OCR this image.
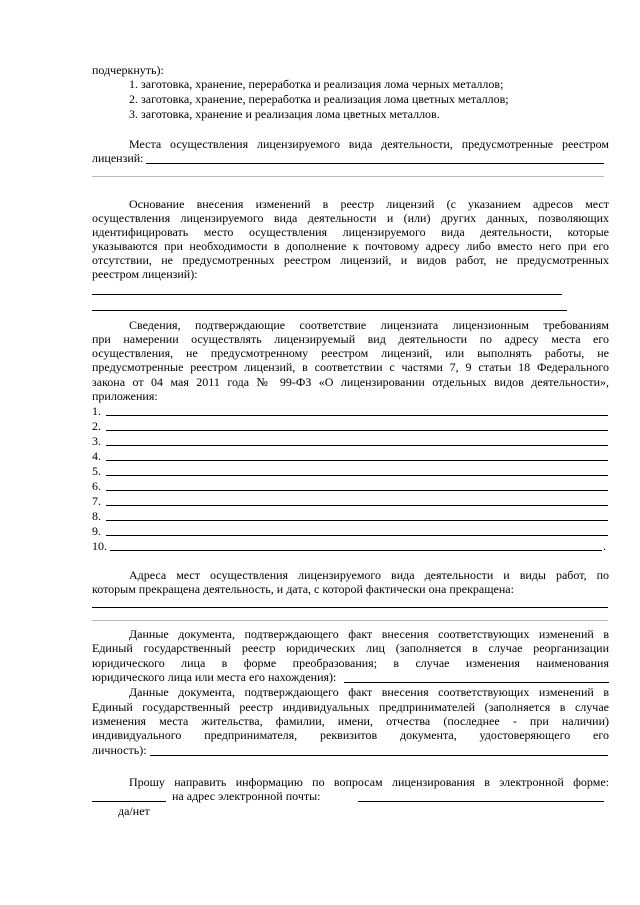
подчеркнуть):
1. заготовка, хранение, переработка и реализация лома черных металлов;
2. заготовка, хранение, переработка и реализация лома цветных металлов;
3. заготовка, хранение и реализация лома цветных металлов.
Места осуществления лицензируемого вида деятельности, предусмотренные реестром
лицензий:
Основание внесения изменений в реестр лицензий (с указанием адресов мест
осуществления лицензируемого вида деятельности и (или) других данных, позволяющих
идентифицировать место осуществления лицензируемого вида деятельности, которые
указываются при необходимости в дополнение к почтовому адресу либо вместо него при его
отсутствии, не предусмотренных реестром лицензий, и видов работ, не предусмотренных
реестром лицензий):
Сведения, подтверждающие соответствие лицензиата лицензионным требованиям
при намерении осуществлять лицензируемый вид деятельности по адресу места его
осуществления, не предусмотренному реестром лицензий, или выполнять работы, не
предусмотренные реестром лицензий, в соответствии с частями 7, 9 статьи 18 Федерального
закона от 04 мая 2011 года № 99-ФЗ «О лицензировании отдельных видов деятельности»,
приложения:
1.
2.
3.
4.
5.
6.
7.
8.
9.
10.	.
Адреса мест осуществления лицензируемого вида деятельности и виды работ, по
которым прекращена деятельность, и дата, с которой фактически она прекращена:
Данные документа, подтверждающего факт внесения соответствующих изменений в
Единый государственный реестр юридических лиц (заполняется в случае реорганизации
юридического лица в форме преобразования; в случае изменения наименования
юридического лица или места его нахождения):
Данные документа, подтверждающего факт внесения соответствующих изменений в
Единый государственный реестр индивидуальных предпринимателей (заполняется в случае
изменения места жительства, фамилии, имени, отчества (последнее - при наличии)
индивидуального предпринимателя, реквизитов документа, удостоверяющего его
личность):
Прошу направить информацию по вопросам лицензирования в электронной форме:
на адрес электронной почты:
да/нет
